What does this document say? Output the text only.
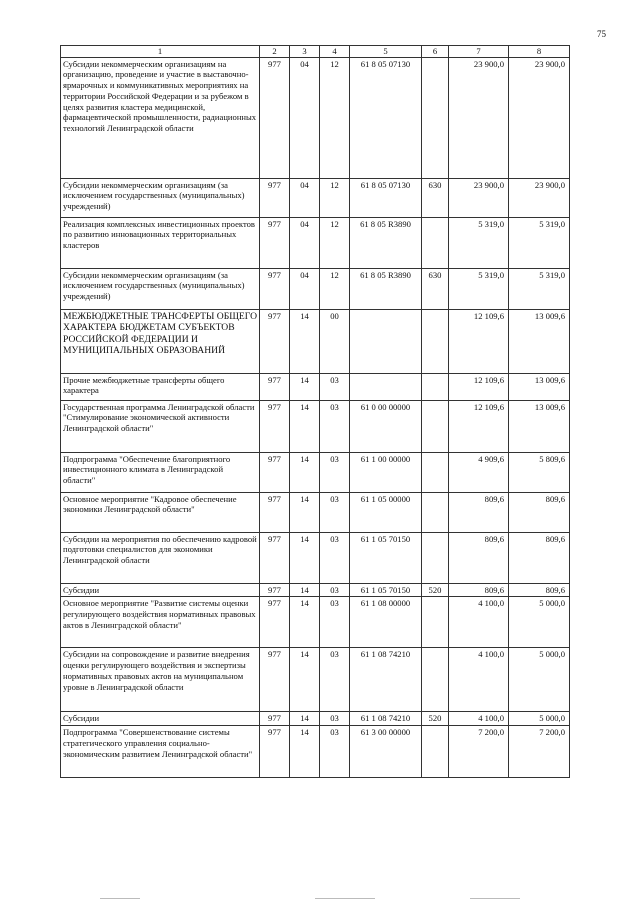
75
1	2	3	4	5	6	7	8
Субсидии некоммерческим организациям на организацию, проведение и участие в выставочно-ярмарочных и коммуникативных мероприятиях на территории Российской Федерации и за рубежом в целях развития кластера медицинской, фармацевтической промышленности, радиационных технологий Ленинградской области	977	04	12	61 8 05 07130		23 900,0	23 900,0
Субсидии некоммерческим организациям (за исключением государственных (муниципальных) учреждений)	977	04	12	61 8 05 07130	630	23 900,0	23 900,0
Реализация комплексных инвестиционных проектов по развитию инновационных территориальных кластеров	977	04	12	61 8 05 R3890		5 319,0	5 319,0
Субсидии некоммерческим организациям (за исключением государственных (муниципальных) учреждений)	977	04	12	61 8 05 R3890	630	5 319,0	5 319,0
МЕЖБЮДЖЕТНЫЕ ТРАНСФЕРТЫ ОБЩЕГО ХАРАКТЕРА БЮДЖЕТАМ СУБЪЕКТОВ РОССИЙСКОЙ ФЕДЕРАЦИИ И МУНИЦИПАЛЬНЫХ ОБРАЗОВАНИЙ	977	14	00			12 109,6	13 009,6
Прочие межбюджетные трансферты общего характера	977	14	03			12 109,6	13 009,6
Государственная программа Ленинградской области "Стимулирование экономической активности Ленинградской области"	977	14	03	61 0 00 00000		12 109,6	13 009,6
Подпрограмма "Обеспечение благоприятного инвестиционного климата в Ленинградской области"	977	14	03	61 1 00 00000		4 909,6	5 809,6
Основное мероприятие "Кадровое обеспечение экономики Ленинградской области"	977	14	03	61 1 05 00000		809,6	809,6
Субсидии на мероприятия по обеспечению кадровой подготовки специалистов для экономики Ленинградской области	977	14	03	61 1 05 70150		809,6	809,6
Субсидии	977	14	03	61 1 05 70150	520	809,6	809,6
Основное мероприятие "Развитие системы оценки регулирующего воздействия нормативных правовых актов в Ленинградской области"	977	14	03	61 1 08 00000		4 100,0	5 000,0
Субсидии на сопровождение и развитие внедрения оценки регулирующего воздействия и экспертизы нормативных правовых актов на муниципальном уровне в Ленинградской области	977	14	03	61 1 08 74210		4 100,0	5 000,0
Субсидии	977	14	03	61 1 08 74210	520	4 100,0	5 000,0
Подпрограмма "Совершенствование системы стратегического управления социально-экономическим развитием Ленинградской области"	977	14	03	61 3 00 00000		7 200,0	7 200,0
